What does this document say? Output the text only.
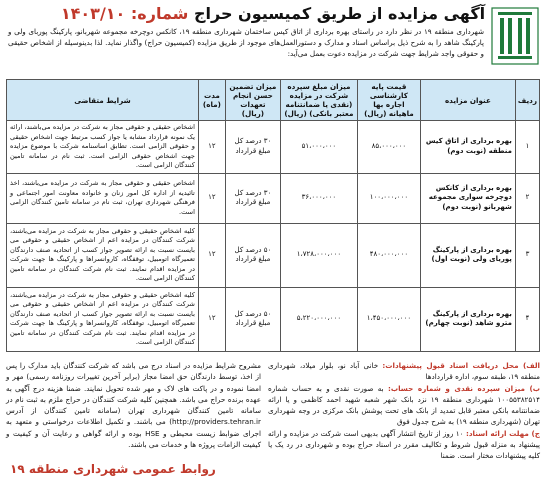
آگهی مزایده از طریق کمیسیون حراج شماره: ۱۴۰۳/۱۰
شهرداری منطقه ۱۹ در نظر دارد در راستای بهره برداری از اتاق کیس ساختمان شهرداری منطقه ۱۹، کانکس دوچرخه مجموعه شهربانو، پارکینگ پوربای ولی و پارکینگ شاهد را به شرح ذیل براساس اسناد و مدارک و دستورالعمل‌های موجود از طریق مزایده (کمیسیون حراج) واگذار نماید. لذا بدینوسیله از اشخاص حقیقی و حقوقی واجد شرایط جهت شرکت در مزایده دعوت بعمل می‌آید:
ردیف	عنوان مزایده	قیمت پایه کارشناسی اجاره بها ماهیانه (ریال)	میزان مبلغ سپرده شرکت در مزایده (نقدی یا ضمانتنامه معتبر بانکی) (ریال)	میزان تضمین حسن انجام تعهدات (ریال)	مدت (ماه)	شرایط متقاضی
۱	بهره برداری از اتاق کیس منطقه (نوبت دوم)	۸۵،۰۰۰،۰۰۰	۵۱،۰۰۰،۰۰۰	۳۰ درصد کل مبلغ قرارداد	۱۲	اشخاص حقیقی و حقوقی مجاز به شرکت در مزایده می‌باشند، ارائه یک نمونه قرارداد مشابه یا جواز کسب مرتبط جهت اشخاص حقیقی و حقوقی الزامی است. تطابق اساسنامه شرکت با موضوع مزایده جهت اشخاص حقوقی الزامی است. ثبت نام در سامانه تامین کنندگان الزامی است.
۲	بهره برداری از کانکس دوچرخه سواری مجموعه شهربانو (نوبت دوم)	۱۰۰،۰۰۰،۰۰۰	۳۶،۰۰۰،۰۰۰	۳۰ درصد کل مبلغ قرارداد	۱۲	اشخاص حقیقی و حقوقی مجاز به شرکت در مزایده می‌باشند، اخذ تائیدیه از اداره کل امور زنان و خانواده معاونت امور اجتماعی و فرهنگی شهرداری تهران، ثبت نام در سامانه تامین کنندگان الزامی است.
۳	بهره برداری از پارکینگ پوربای ولی (نوبت اول)	۴۸۰،۰۰۰،۰۰۰	۱،۷۲۸،۰۰۰،۰۰۰	۵۰ درصد کل مبلغ قرارداد	۱۲	کلیه اشخاص حقیقی و حقوقی مجاز به شرکت در مزایده می‌باشند، شرکت کنندگان در مزایده اعم از اشخاص حقیقی و حقوقی می بایست نسبت به ارائه تصویر جواز کسب از اتحادیه صنف دارندگان تعمیرگاه اتومبیل، توقفگاه، کاروانسراها و پارکینگ ها جهت شرکت در مزایده اقدام نمایند. ثبت نام شرکت کنندگان در سامانه تامین کنندگان الزامی است.
۴	بهره برداری از پارکینگ مترو شاهد (نوبت چهارم)	۱،۴۵۰،۰۰۰،۰۰۰	۵،۲۲۰،۰۰۰،۰۰۰	۵۰ درصد کل مبلغ قرارداد	۱۲	کلیه اشخاص حقیقی و حقوقی مجاز به شرکت در مزایده می‌باشند، شرکت کنندگان در مزایده اعم از اشخاص حقیقی و حقوقی می بایست نسبت به ارائه تصویر جواز کسب از اتحادیه صنف دارندگان تعمیرگاه اتومبیل، توقفگاه، کاروانسراها و پارکینگ ها جهت شرکت در مزایده اقدام نمایند. ثبت نام شرکت کنندگان در سامانه تامین کنندگان الزامی است.
الف) محل دریافت اسناد قبول پیشنهادات: خانی آباد نو، بلوار میلاد، شهرداری منطقه ۱۹، طبقه سوم، اداره قراردادها
ب) میزان سپرده نقدی و شماره حساب: به صورت نقدی و به حساب شماره ۱۰۰۵۵۳۸۲۵۱۴ شهرداری منطقه ۱۹ نزد بانک شهر شعبه شهید احمد کاظمی و یا ارائه ضمانتنامه بانکی معتبر قابل تمدید از بانک های تحت پوشش بانک مرکزی در وجه شهرداری تهران (شهرداری منطقه ۱۹) به شرح جدول فوق
ج) مهلت ارائه اسناد: ۱۰ روز از تاریخ انتشار آگهی بدیهی است شرکت در مزایده و ارائه پیشنهاد به منزله قبول شروط و تکالیف مقرر در اسناد حراج بوده و شهرداری در رد یک یا کلیه پیشنهادات مختار است. ضمنا
مشروح شرایط مزایده در اسناد درج می باشد که شرکت کنندگان باید مدارک را پس از اخذ، توسط دارندگان حق امضا مجاز (برابر آخرین تغییرات روزنامه رسمی) مهر و امضا نموده و در پاکت های لاک و مهر شده تحویل نمایند. ضمنا هزینه درج آگهی به عهده برنده حراج می باشد. همچنین کلیه شرکت کنندگان در حراج ملزم به ثبت نام در سامانه تامین کنندگان شهرداری تهران (سامانه تامین کنندگان از آدرس http://providers.tehran.ir) می باشند. و تکمیل اطلاعات درخواستی و متعهد به اجرای ضوابط زیست محیطی و HSE بوده و ارائه گواهی و رعایت آن و کیفیت و کیفیت الزامات پروژه ها و خدمات می باشند.
روابط عمومی شهرداری منطقه ۱۹
